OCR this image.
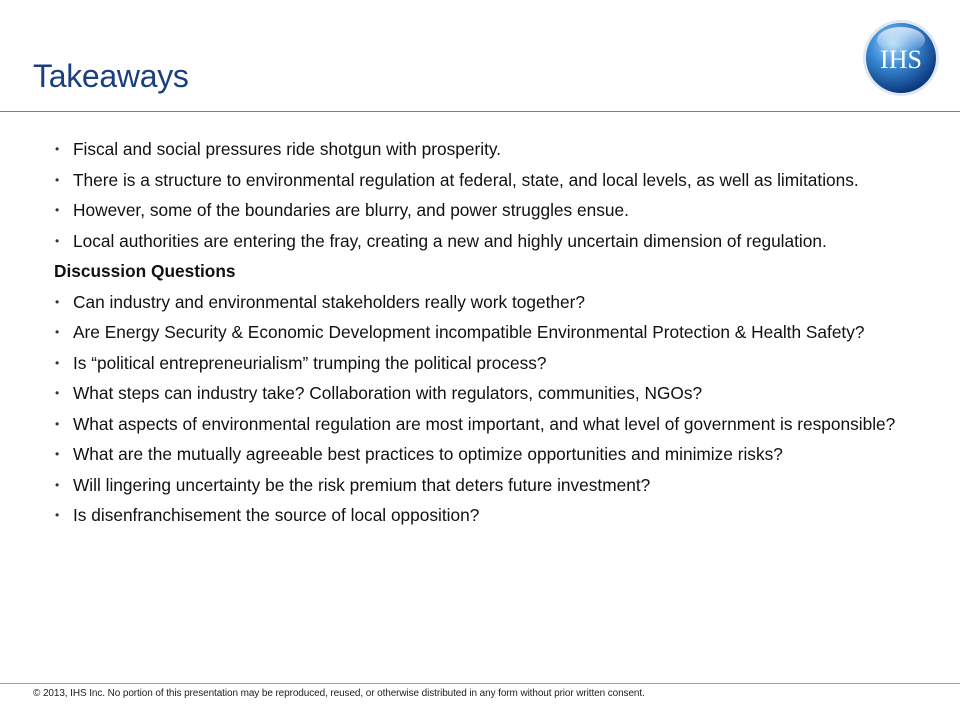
Takeaways	IHS
• Fiscal and social pressures ride shotgun with prosperity.
• There is a structure to environmental regulation at federal, state, and local levels, as well as limitations.
• However, some of the boundaries are blurry, and power struggles ensue.
• Local authorities are entering the fray, creating a new and highly uncertain dimension of regulation.
Discussion Questions
• Can industry and environmental stakeholders really work together?
• Are Energy Security & Economic Development incompatible Environmental Protection & Health Safety?
• Is “political entrepreneurialism” trumping the political process?
• What steps can industry take? Collaboration with regulators, communities, NGOs?
• What aspects of environmental regulation are most important, and what level of government is responsible?
• What are the mutually agreeable best practices to optimize opportunities and minimize risks?
• Will lingering uncertainty be the risk premium that deters future investment?
• Is disenfranchisement the source of local opposition?
© 2013, IHS Inc. No portion of this presentation may be reproduced, reused, or otherwise distributed in any form without prior written consent.
